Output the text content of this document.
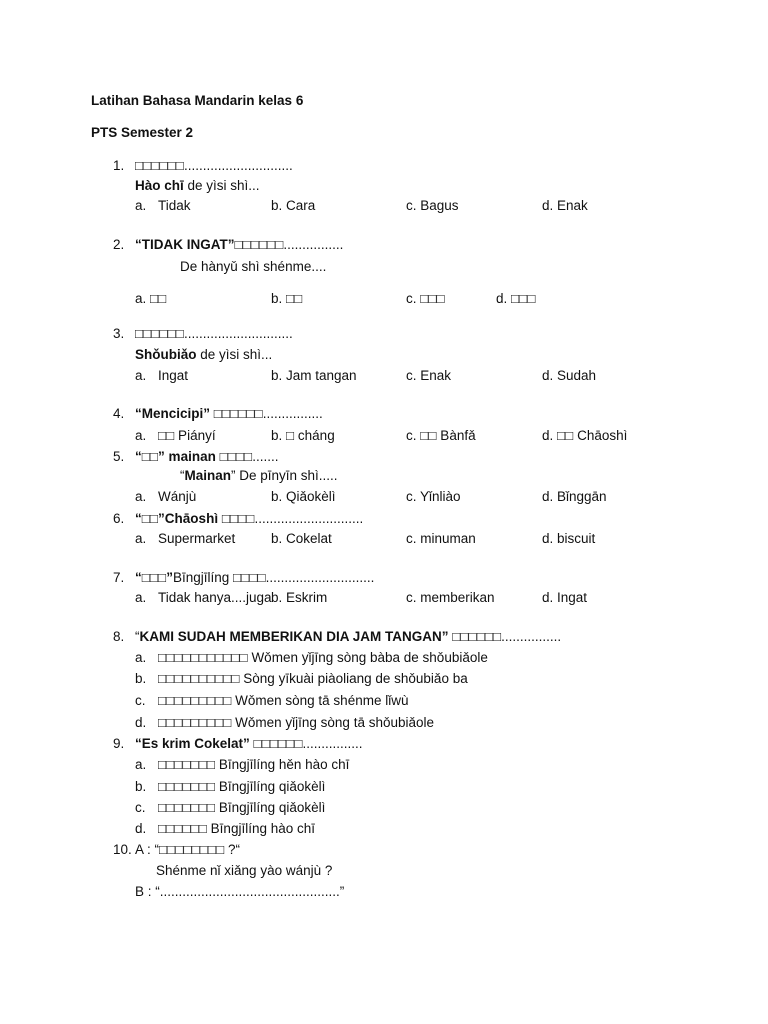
Latihan Bahasa Mandarin kelas 6
PTS Semester 2
1. □□□□□□.............................
Hào chī de yìsi shì...
a. Tidak	b. Cara	c. Bagus	d. Enak
2. “TIDAK INGAT”□□□□□□................
De hànyǔ shì shénme....
a. □□	b. □□	c. □□□	d. □□□
3. □□□□□□.............................
Shǒubiǎo de yìsi shì...
a. Ingat	b. Jam tangan	c. Enak	d. Sudah
4. “Mencicipi” □□□□□□................
a. □□ Piányí	b. □ cháng	c. □□ Bànfǎ	d. □□ Chāoshì
5. “□□” mainan □□□□.......
“Mainan” De pīnyīn shì.....
a. Wánjù	b. Qiǎokèlì	c. Yǐnliào	d. Bǐnggān
6. “□□”Chāoshì □□□□.............................
a. Supermarket	b. Cokelat	c. minuman	d. biscuit
7. “□□□”Bīngjīlíng □□□□.............................
a. Tidak hanya....juga b. Eskrim	c. memberikan	d. Ingat
8. “KAMI SUDAH MEMBERIKAN DIA JAM TANGAN” □□□□□□................
a. □□□□□□□□□□□ Wǒmen yǐjīng sòng bàba de shǒubiǎole
b. □□□□□□□□□□ Sòng yīkuài piàoliang de shǒubiǎo ba
c. □□□□□□□□□ Wǒmen sòng tā shénme lǐwù
d. □□□□□□□□□ Wǒmen yǐjīng sòng tā shǒubiǎole
9. “Es krim Cokelat” □□□□□□................
a. □□□□□□□ Bīngjīlíng hěn hào chī
b. □□□□□□□ Bīngjīlíng qiǎokèlì
c. □□□□□□□ Bīngjīlíng qiǎokèlì
d. □□□□□□ Bīngjīlíng hào chī
10. A : “□□□□□□□□ ?“
Shénme nǐ xiǎng yào wánjù ?
B : “................................................”
